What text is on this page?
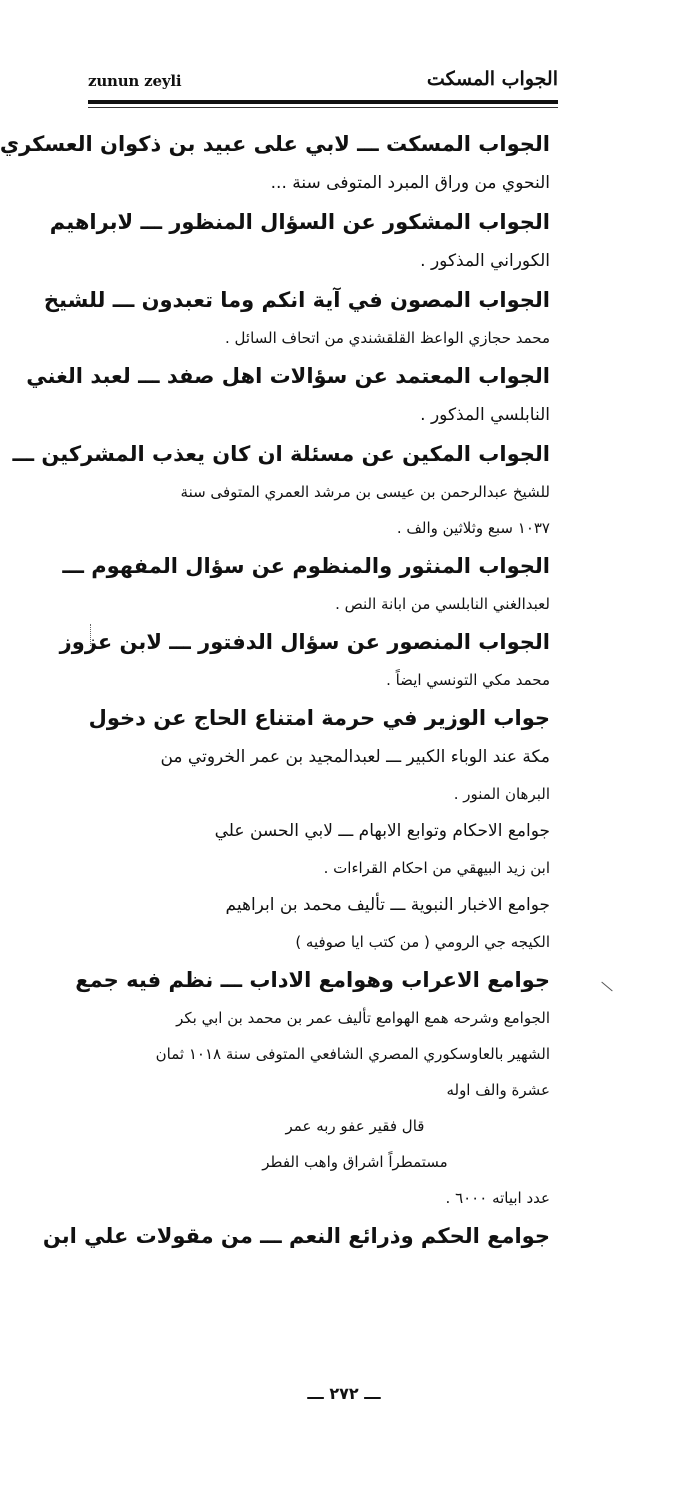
zunun zeyli	الجواب المسكت
الجواب المسكت ـــ لابي على عبيد بن ذكوان العسكري
النحوي من وراق المبرد المتوفى سنة ...
الجواب المشكور عن السؤال المنظور ـــ لابراهيم
الكوراني المذكور .
الجواب المصون في آية انكم وما تعبدون ـــ للشيخ
محمد حجازي الواعظ القلقشندي من اتحاف السائل .
الجواب المعتمد عن سؤالات اهل صفد ـــ لعبد الغني
النابلسي المذكور .
الجواب المكين عن مسئلة ان كان يعذب المشركين ـــ
للشيخ عبدالرحمن بن عيسى بن مرشد العمري المتوفى سنة
١٠٣٧ سبع وثلاثين والف .
الجواب المنثور والمنظوم عن سؤال المفهوم ـــ
لعبدالغني النابلسي من ابانة النص .
الجواب المنصور عن سؤال الدفتور ـــ لابن عزوز
محمد مكي التونسي ايضاً .
جواب الوزير في حرمة امتناع الحاج عن دخول
مكة عند الوباء الكبير ـــ لعبدالمجيد بن عمر الخروتي من
البرهان المنور .
جوامع الاحكام وتوابع الابهام ـــ لابي الحسن علي
ابن زيد البيهقي من احكام القراءات .
جوامع الاخبار النبوية ـــ تأليف محمد بن ابراهيم
الكيجه جي الرومي ( من كتب ايا صوفيه )
جوامع الاعراب وهوامع الاداب ـــ نظم فيه جمع
الجوامع وشرحه همع الهوامع تأليف عمر بن محمد بن ابي بكر
الشهير بالعاوسكوري المصري الشافعي المتوفى سنة ١٠١٨ ثمان
عشرة والف اوله
قال فقير عفو ربه عمر
مستمطراً اشراق واهب الفطر
عدد ابياته ٦٠٠٠ .
جوامع الحكم وذرائع النعم ـــ من مقولات علي ابن
ـــ ٢٧٢ ـــ
